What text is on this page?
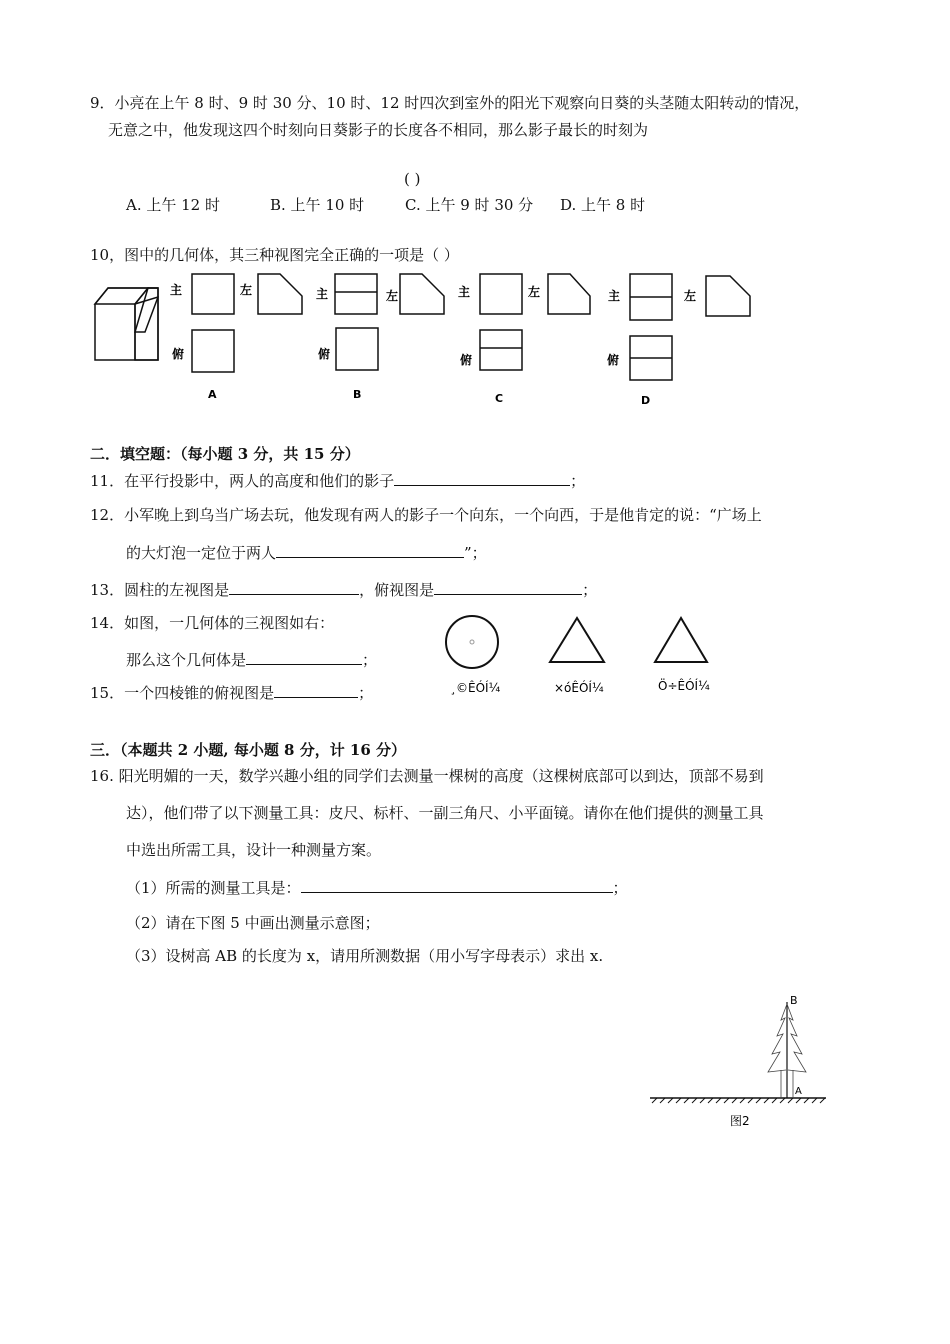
9．小亮在上午 8 时、9 时 30 分、10 时、12 时四次到室外的阳光下观察向日葵的头茎随太阳转动的情况，
无意之中，他发现这四个时刻向日葵影子的长度各不相同，那么影子最长的时刻为
( )
A. 上午 12 时	B. 上午 10 时	C. 上午 9 时 30 分 D. 上午 8 时
10，图中的几何体，其三种视图完全正确的一项是（ ）
主	左
俯
A
主	左
俯
B
主	左
俯
C
主	左
俯
D
二．填空题：（每小题 3 分，共 15 分）
11．在平行投影中，两人的高度和他们的影子	；
12．小军晚上到乌当广场去玩，他发现有两人的影子一个向东，一个向西，于是他肯定的说：“广场上
的大灯泡一定位于两人	”；
13．圆柱的左视图是	，俯视图是	；
14．如图，一几何体的三视图如右：
那么这个几何体是	；
15．一个四棱锥的俯视图是	；	¸©ÊÓÍ¼	×óÊÓÍ¼	Ö÷ÊÓÍ¼
三．（本题共 2 小题, 每小题 8 分，计 16 分）
16. 阳光明媚的一天，数学兴趣小组的同学们去测量一棵树的高度（这棵树底部可以到达，顶部不易到
达），他们带了以下测量工具：皮尺、标杆、一副三角尺、小平面镜。请你在他们提供的测量工具
中选出所需工具，设计一种测量方案。
（1）所需的测量工具是：	；
（2）请在下图 5 中画出测量示意图；
（3）设树高 AB 的长度为 x，请用所测数据（用小写字母表示）求出 x.
B
A
图2
